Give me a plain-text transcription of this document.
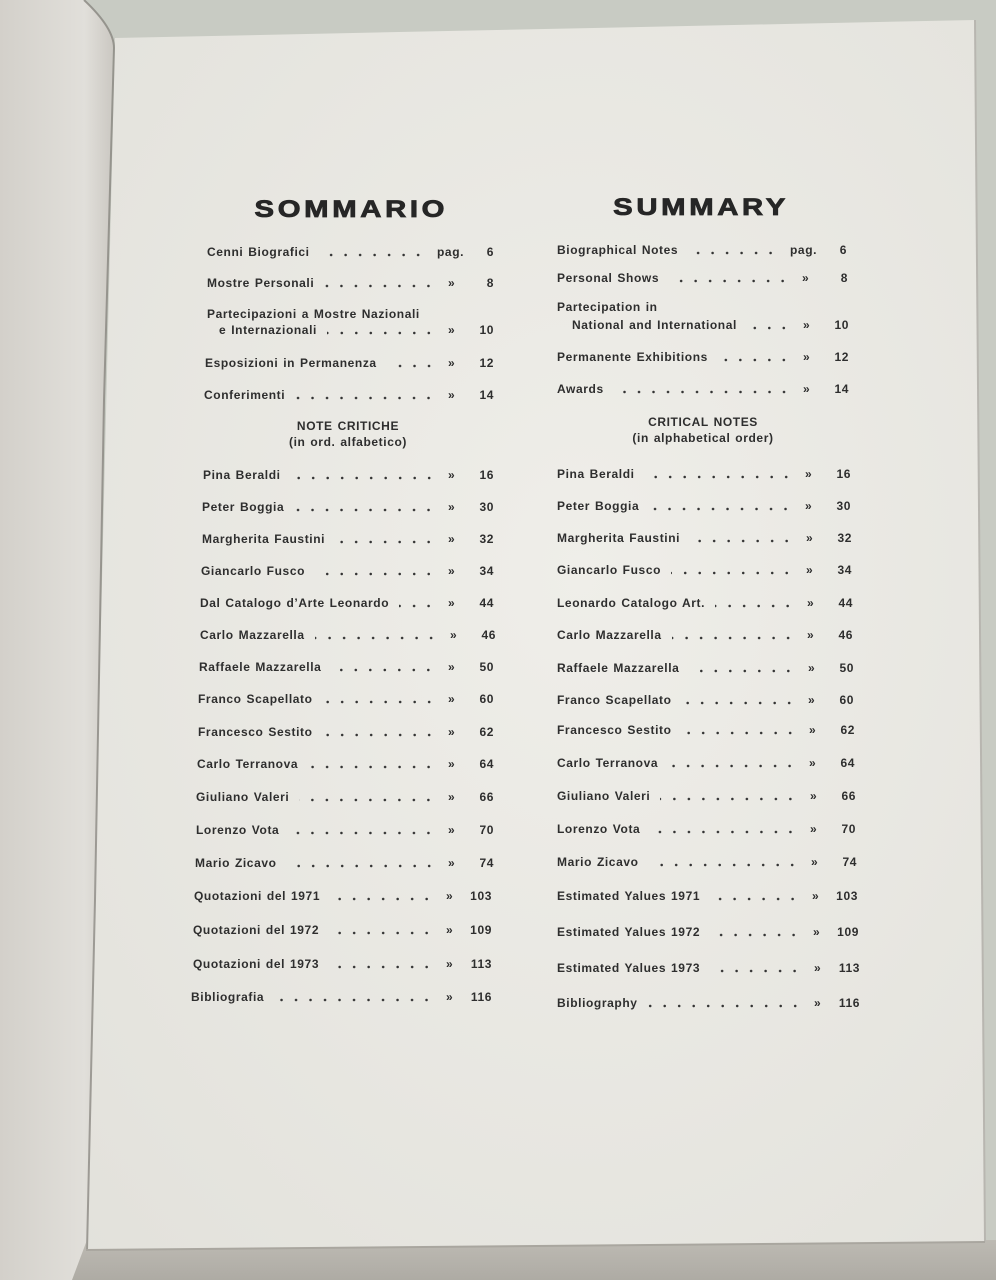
SOMMARIO
Cenni Biografici	pag.	6
Mostre Personali	»	8
Partecipazioni a Mostre Nazionali
e Internazionali	»	10
Esposizioni in Permanenza	»	12
Conferimenti	»	14
NOTE CRITICHE
(in ord. alfabetico)
Pina Beraldi	»	16
Peter Boggia	»	30
Margherita Faustini	»	32
Giancarlo Fusco	»	34
Dal Catalogo d’Arte Leonardo	»	44
Carlo Mazzarella	»	46
Raffaele Mazzarella	»	50
Franco Scapellato	»	60
Francesco Sestito	»	62
Carlo Terranova	»	64
Giuliano Valeri	»	66
Lorenzo Vota	»	70
Mario Zicavo	»	74
Quotazioni del 1971	»	103
Quotazioni del 1972	»	109
Quotazioni del 1973	»	113
Bibliografia	»	116
SUMMARY
Biographical Notes	pag.	6
Personal Shows	»	8
Partecipation in
National and International	»	10
Permanente Exhibitions	»	12
Awards	»	14
CRITICAL NOTES
(in alphabetical order)
Pina Beraldi	»	16
Peter Boggia	»	30
Margherita Faustini	»	32
Giancarlo Fusco	»	34
Leonardo Catalogo Art.	»	44
Carlo Mazzarella	»	46
Raffaele Mazzarella	»	50
Franco Scapellato	»	60
Francesco Sestito	»	62
Carlo Terranova	»	64
Giuliano Valeri	»	66
Lorenzo Vota	»	70
Mario Zicavo	»	74
Estimated Yalues 1971	»	103
Estimated Yalues 1972	»	109
Estimated Yalues 1973	»	113
Bibliography	»	116
